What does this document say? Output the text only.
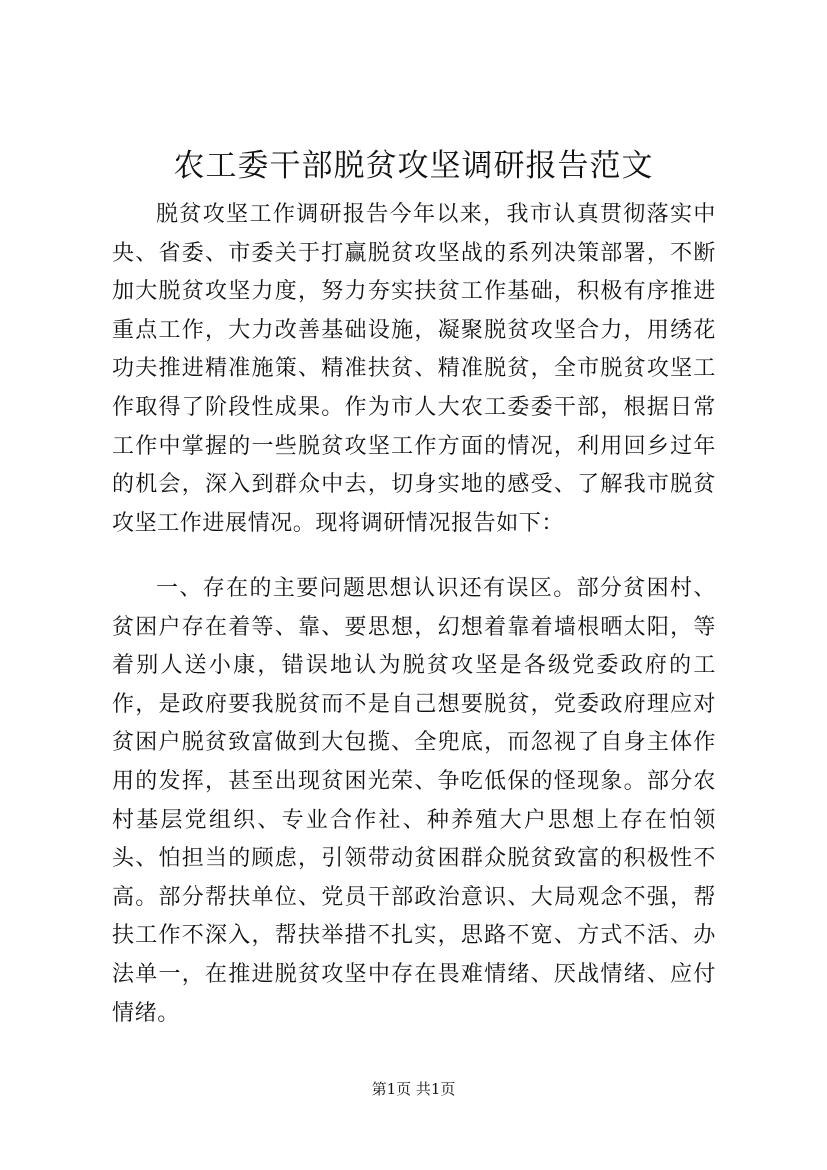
农工委干部脱贫攻坚调研报告范文

脱贫攻坚工作调研报告今年以来，我市认真贯彻落实中央、省委、市委关于打赢脱贫攻坚战的系列决策部署，不断加大脱贫攻坚力度，努力夯实扶贫工作基础，积极有序推进重点工作，大力改善基础设施，凝聚脱贫攻坚合力，用绣花功夫推进精准施策、精准扶贫、精准脱贫，全市脱贫攻坚工作取得了阶段性成果。作为市人大农工委委干部，根据日常工作中掌握的一些脱贫攻坚工作方面的情况，利用回乡过年的机会，深入到群众中去，切身实地的感受、了解我市脱贫攻坚工作进展情况。现将调研情况报告如下：

一、存在的主要问题思想认识还有误区。部分贫困村、贫困户存在着等、靠、要思想，幻想着靠着墙根晒太阳，等着别人送小康，错误地认为脱贫攻坚是各级党委政府的工作，是政府要我脱贫而不是自己想要脱贫，党委政府理应对贫困户脱贫致富做到大包揽、全兜底，而忽视了自身主体作用的发挥，甚至出现贫困光荣、争吃低保的怪现象。部分农村基层党组织、专业合作社、种养殖大户思想上存在怕领头、怕担当的顾虑，引领带动贫困群众脱贫致富的积极性不高。部分帮扶单位、党员干部政治意识、大局观念不强，帮扶工作不深入，帮扶举措不扎实，思路不宽、方式不活、办法单一，在推进脱贫攻坚中存在畏难情绪、厌战情绪、应付情绪。

第1页 共1页
